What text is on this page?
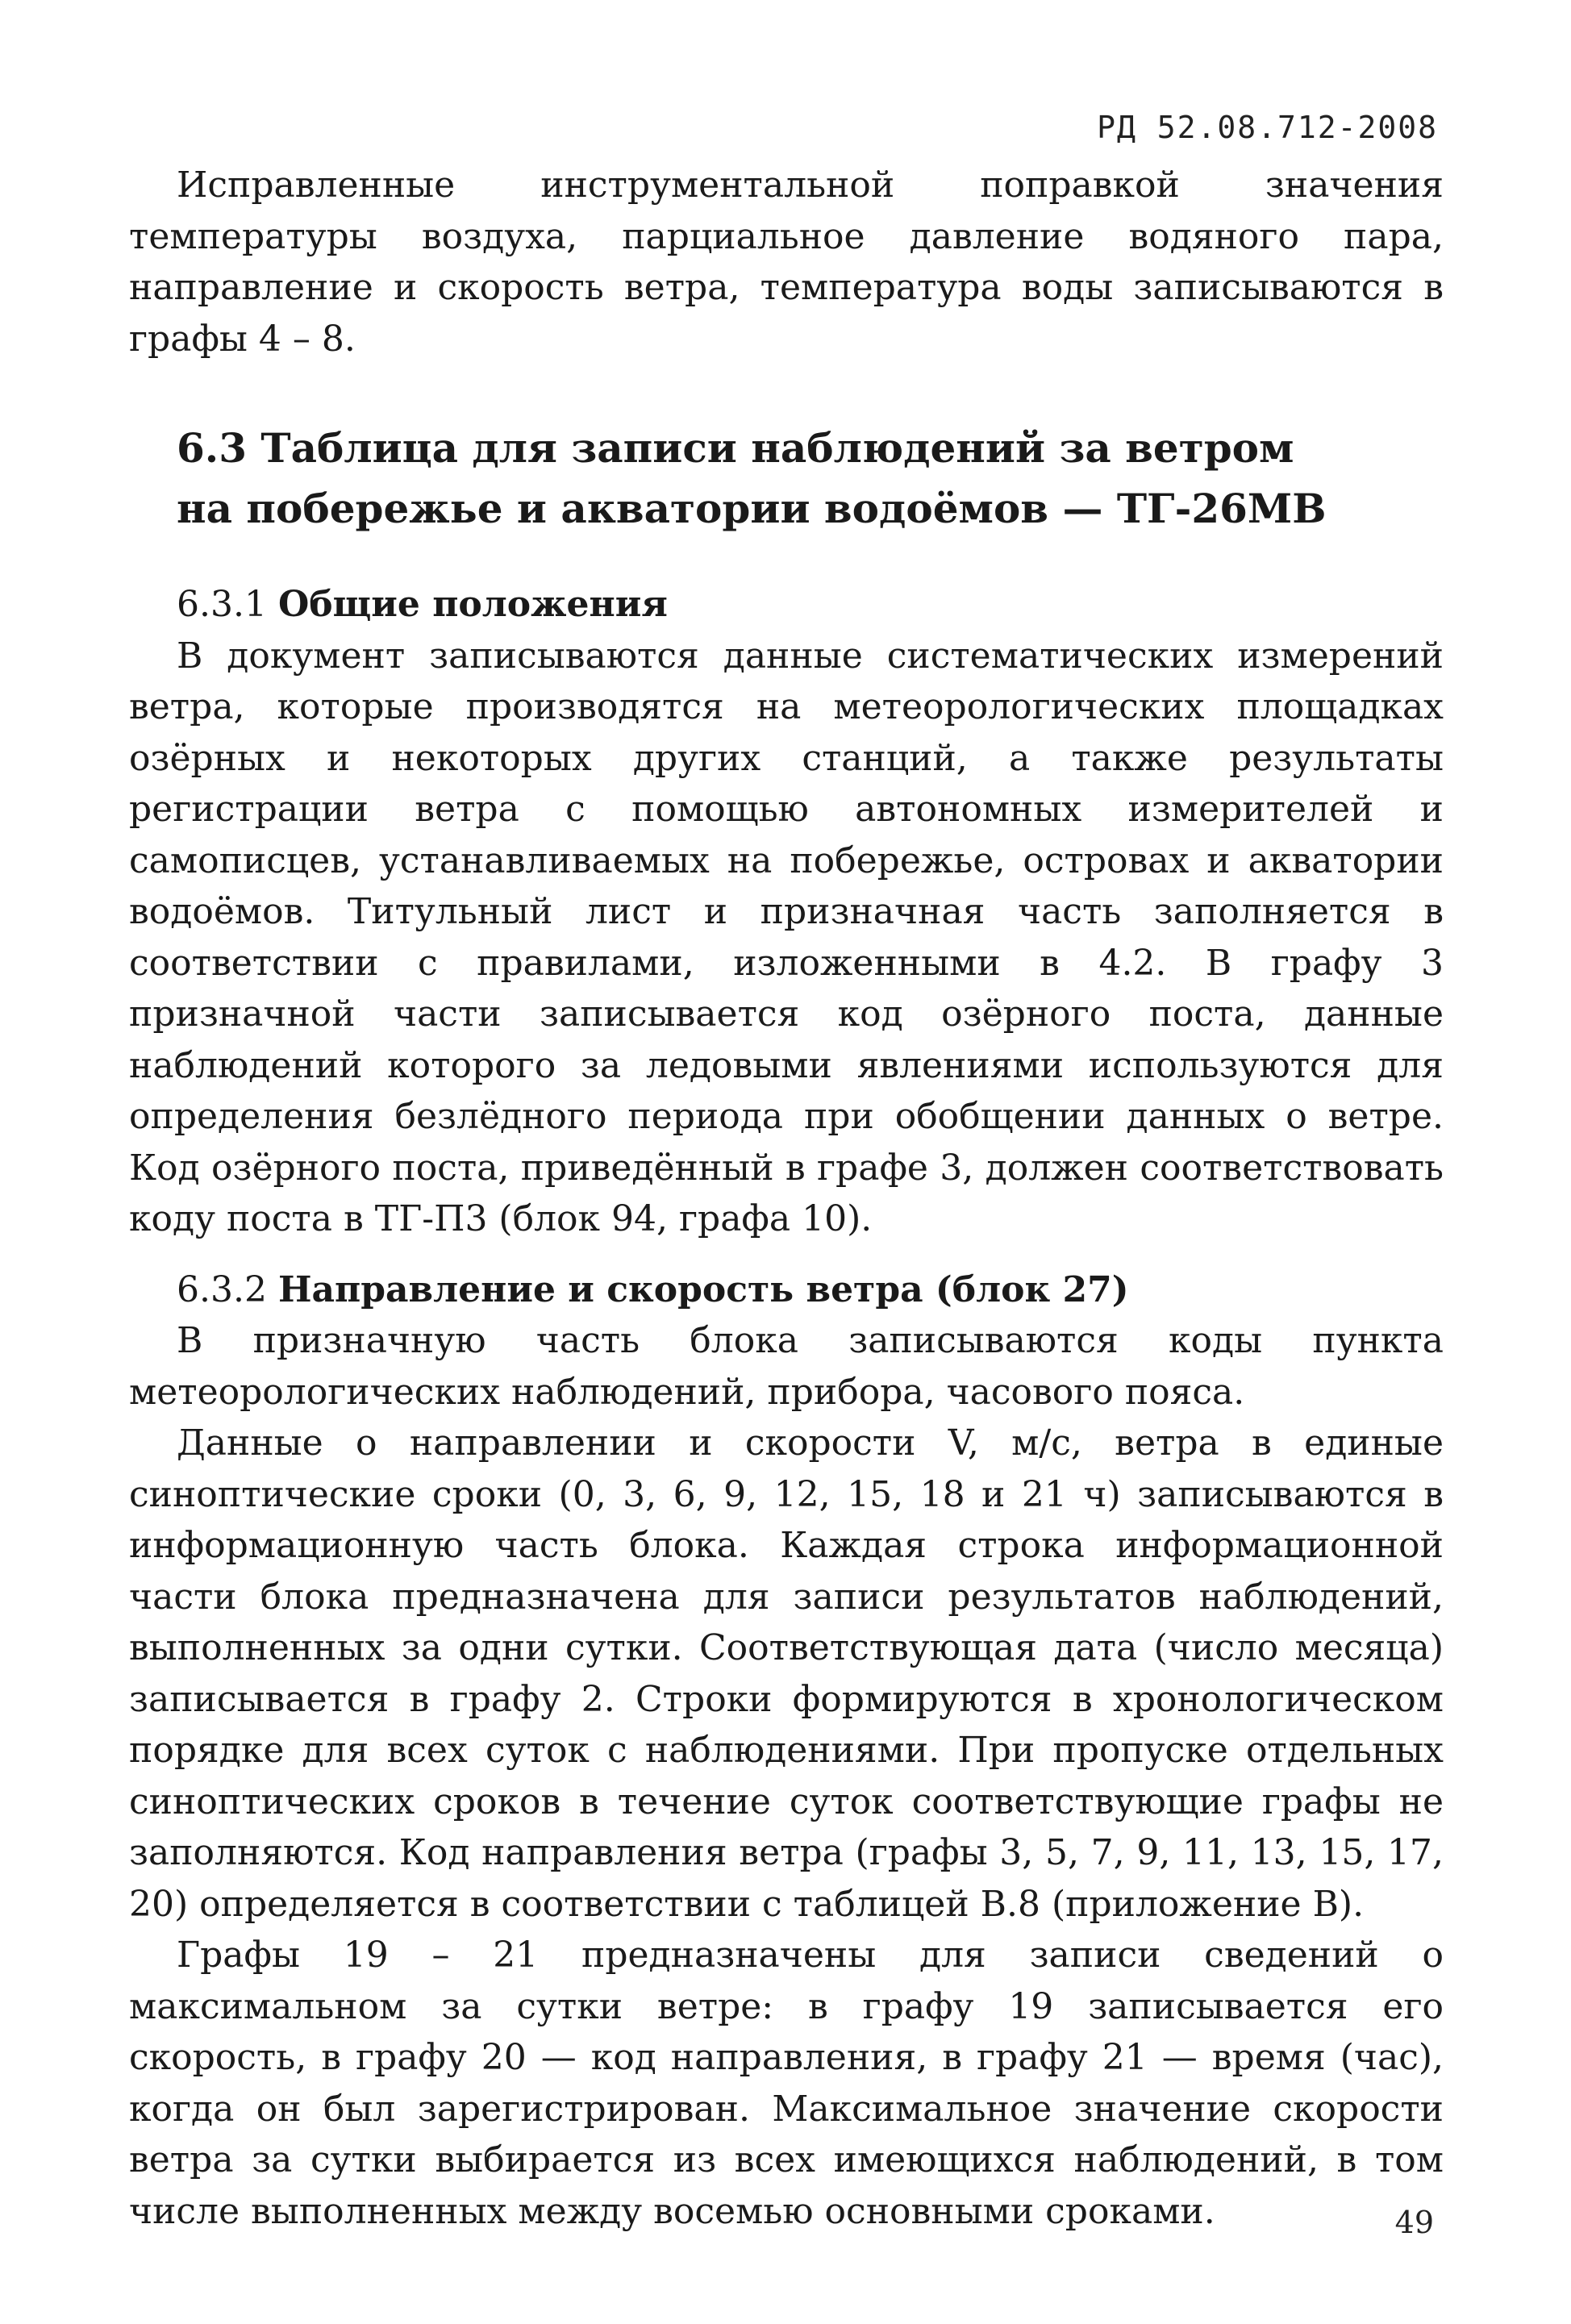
РД 52.08.712-2008

Исправленные инструментальной поправкой значения температуры воздуха, парциальное давление водяного пара, направление и скорость ветра, температура воды записываются в графы 4 – 8.

6.3 Таблица для записи наблюдений за ветром
на побережье и акватории водоёмов — ТГ-26МВ
6.3.1 Общие положения

В документ записываются данные систематических измерений ветра, которые производятся на метеорологических площадках озёрных и некоторых других станций, а также результаты регистрации ветра с помощью автономных измерителей и самописцев, устанавливаемых на побережье, островах и акватории водоёмов. Титульный лист и призначная часть заполняется в соответствии с правилами, изложенными в 4.2. В графу 3 призначной части записывается код озёрного поста, данные наблюдений которого за ледовыми явлениями используются для определения безлёдного периода при обобщении данных о ветре. Код озёрного поста, приведённый в графе 3, должен соответствовать коду поста в ТГ-П3 (блок 94, графа 10).

6.3.2 Направление и скорость ветра (блок 27)

В призначную часть блока записываются коды пункта метеорологических наблюдений, прибора, часового пояса.

Данные о направлении и скорости V, м/с, ветра в единые синоптические сроки (0, 3, 6, 9, 12, 15, 18 и 21 ч) записываются в информационную часть блока. Каждая строка информационной части блока предназначена для записи результатов наблюдений, выполненных за одни сутки. Соответствующая дата (число месяца) записывается в графу 2. Строки формируются в хронологическом порядке для всех суток с наблюдениями. При пропуске отдельных синоптических сроков в течение суток соответствующие графы не заполняются. Код направления ветра (графы 3, 5, 7, 9, 11, 13, 15, 17, 20) определяется в соответствии с таблицей В.8 (приложение В).

Графы 19 – 21 предназначены для записи сведений о максимальном за сутки ветре: в графу 19 записывается его скорость, в графу 20 — код направления, в графу 21 — время (час), когда он был зарегистрирован. Максимальное значение скорости ветра за сутки выбирается из всех имеющихся наблюдений, в том числе выполненных между восемью основными сроками.	49
